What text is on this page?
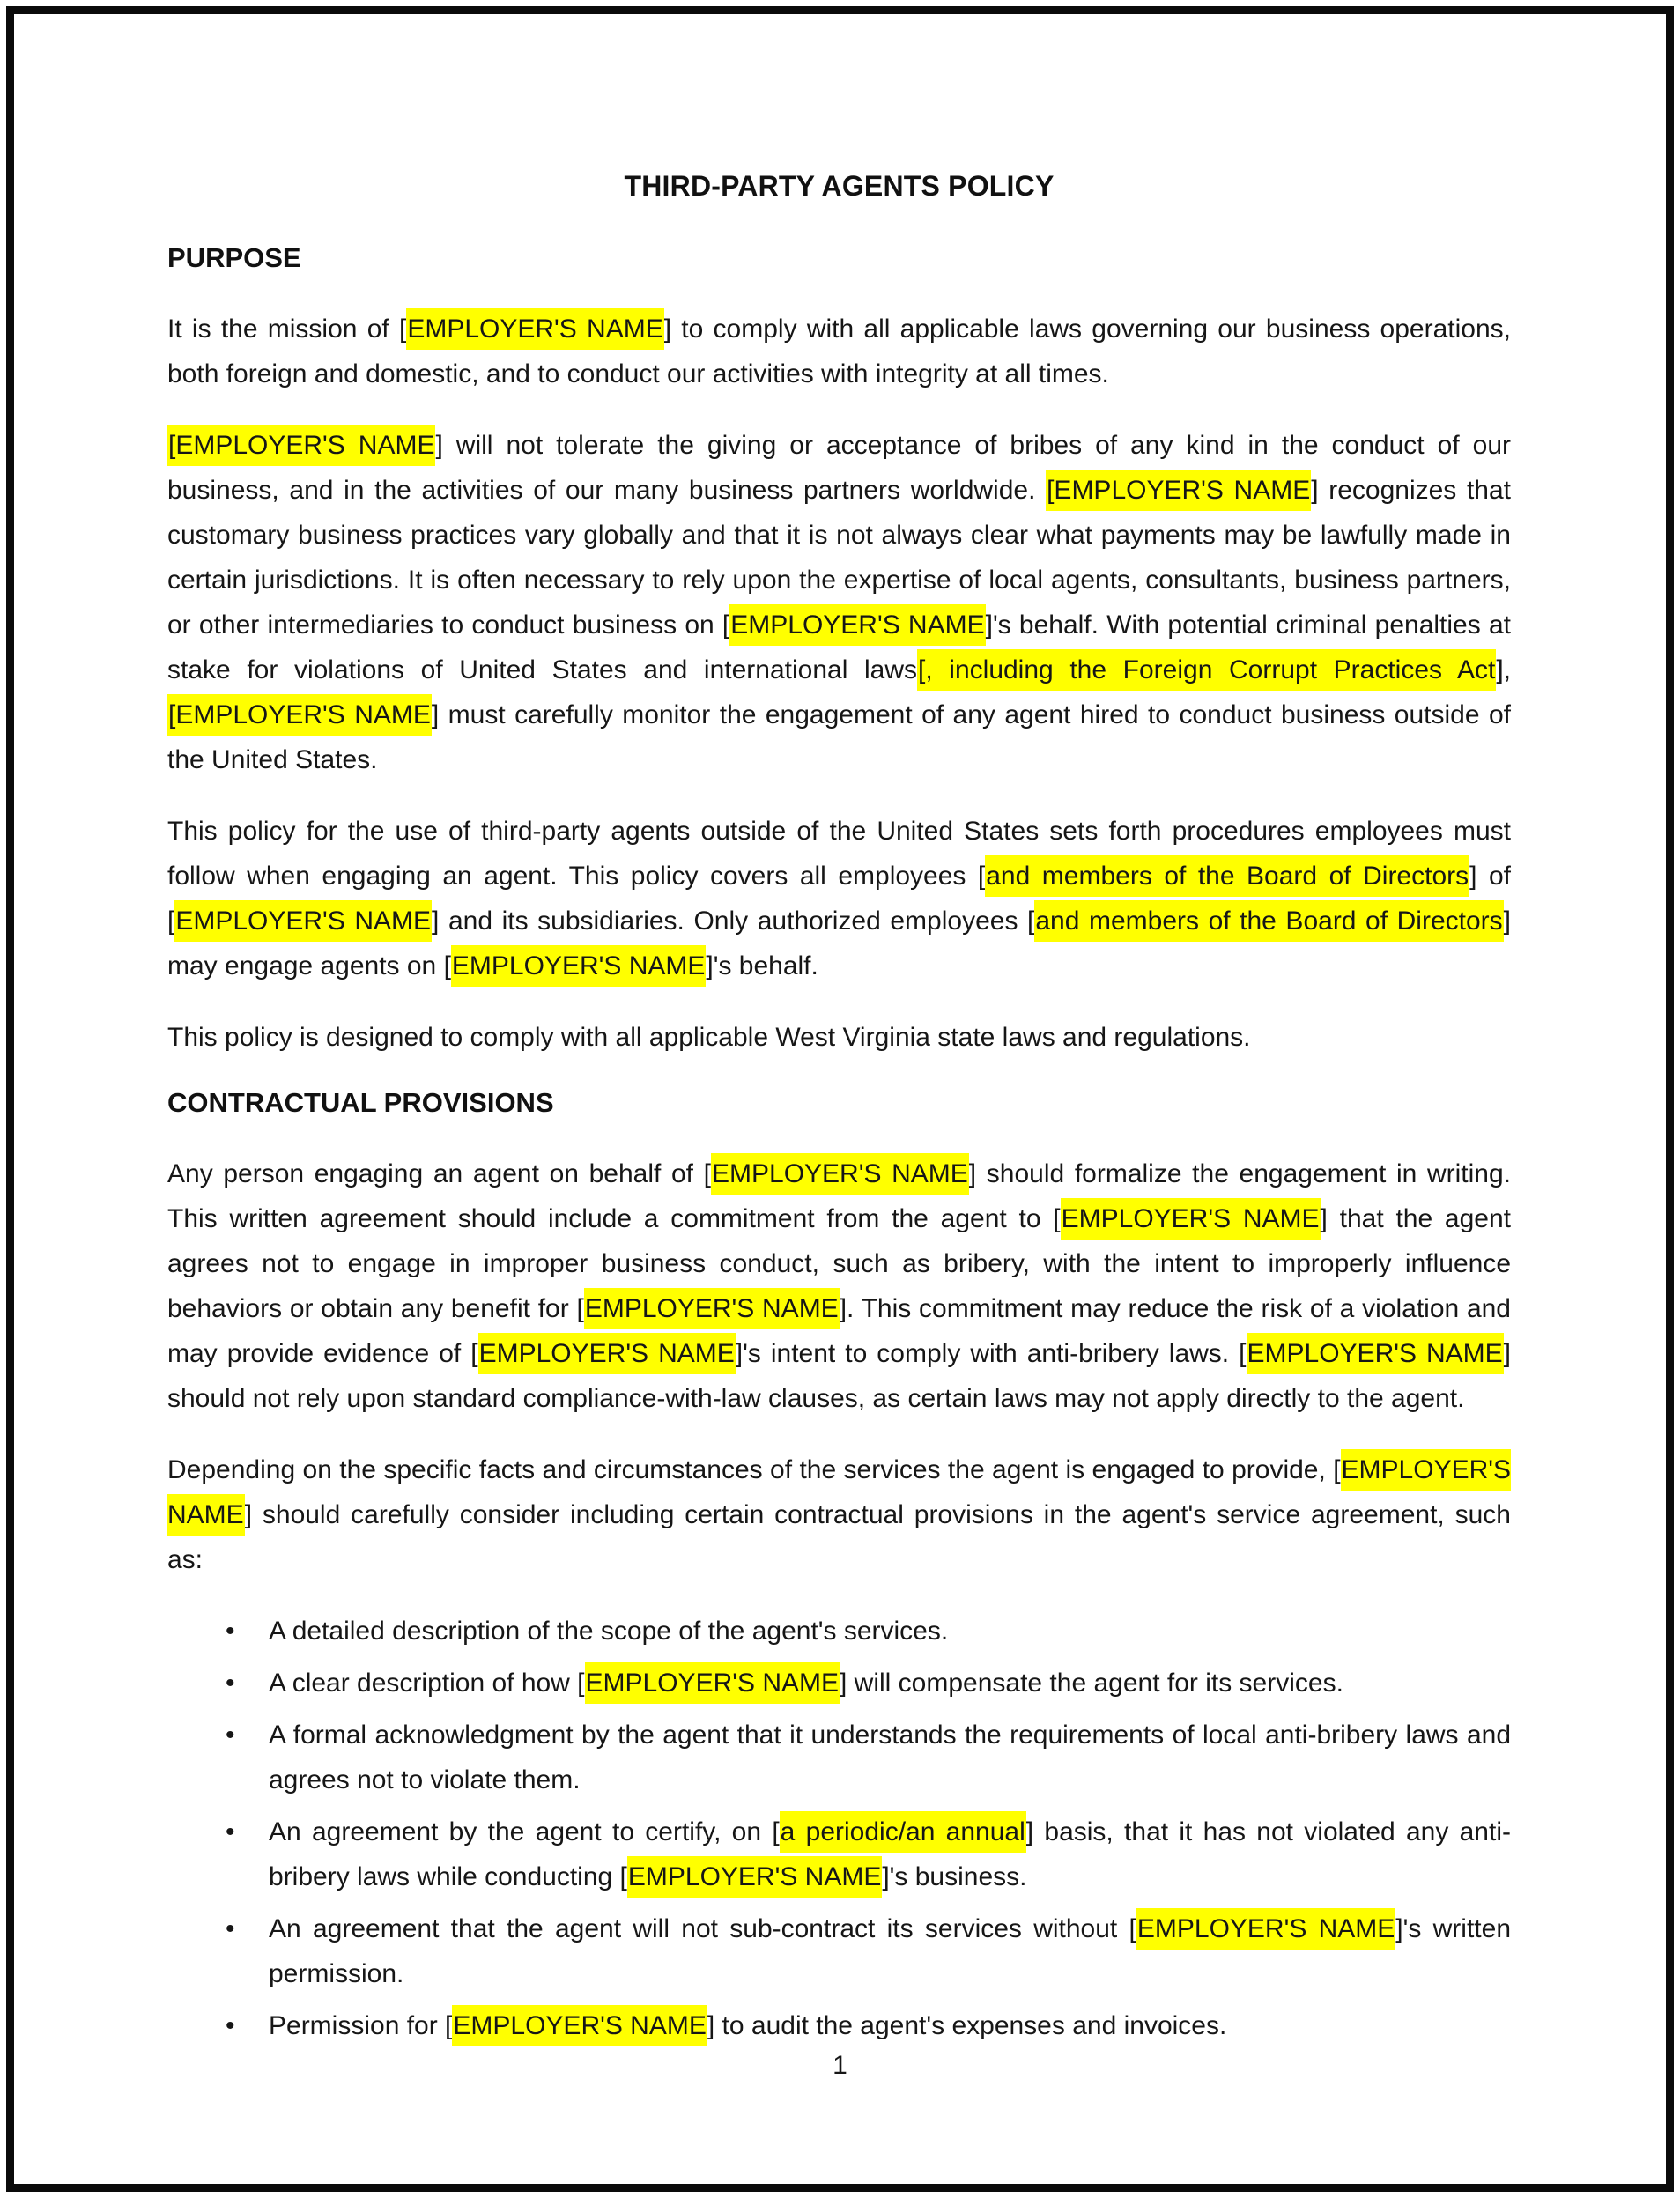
THIRD-PARTY AGENTS POLICY
PURPOSE

It is the mission of [EMPLOYER'S NAME] to comply with all applicable laws governing our business operations, both foreign and domestic, and to conduct our activities with integrity at all times.

[EMPLOYER'S NAME] will not tolerate the giving or acceptance of bribes of any kind in the conduct of our business, and in the activities of our many business partners worldwide. [EMPLOYER'S NAME] recognizes that customary business practices vary globally and that it is not always clear what payments may be lawfully made in certain jurisdictions. It is often necessary to rely upon the expertise of local agents, consultants, business partners, or other intermediaries to conduct business on [EMPLOYER'S NAME]'s behalf. With potential criminal penalties at stake for violations of United States and international laws[, including the Foreign Corrupt Practices Act], [EMPLOYER'S NAME] must carefully monitor the engagement of any agent hired to conduct business outside of the United States.

This policy for the use of third-party agents outside of the United States sets forth procedures employees must follow when engaging an agent. This policy covers all employees [and members of the Board of Directors] of [EMPLOYER'S NAME] and its subsidiaries. Only authorized employees [and members of the Board of Directors] may engage agents on [EMPLOYER'S NAME]'s behalf.

This policy is designed to comply with all applicable West Virginia state laws and regulations.

CONTRACTUAL PROVISIONS

Any person engaging an agent on behalf of [EMPLOYER'S NAME] should formalize the engagement in writing. This written agreement should include a commitment from the agent to [EMPLOYER'S NAME] that the agent agrees not to engage in improper business conduct, such as bribery, with the intent to improperly influence behaviors or obtain any benefit for [EMPLOYER'S NAME]. This commitment may reduce the risk of a violation and may provide evidence of [EMPLOYER'S NAME]'s intent to comply with anti-bribery laws. [EMPLOYER'S NAME] should not rely upon standard compliance-with-law clauses, as certain laws may not apply directly to the agent.

Depending on the specific facts and circumstances of the services the agent is engaged to provide, [EMPLOYER'S NAME] should carefully consider including certain contractual provisions in the agent's service agreement, such as:

• A detailed description of the scope of the agent's services.
• A clear description of how [EMPLOYER'S NAME] will compensate the agent for its services.
• A formal acknowledgment by the agent that it understands the requirements of local anti-bribery laws and agrees not to violate them.
• An agreement by the agent to certify, on [a periodic/an annual] basis, that it has not violated any anti-bribery laws while conducting [EMPLOYER'S NAME]'s business.
• An agreement that the agent will not sub-contract its services without [EMPLOYER'S NAME]'s written permission.
• Permission for [EMPLOYER'S NAME] to audit the agent's expenses and invoices.
1
